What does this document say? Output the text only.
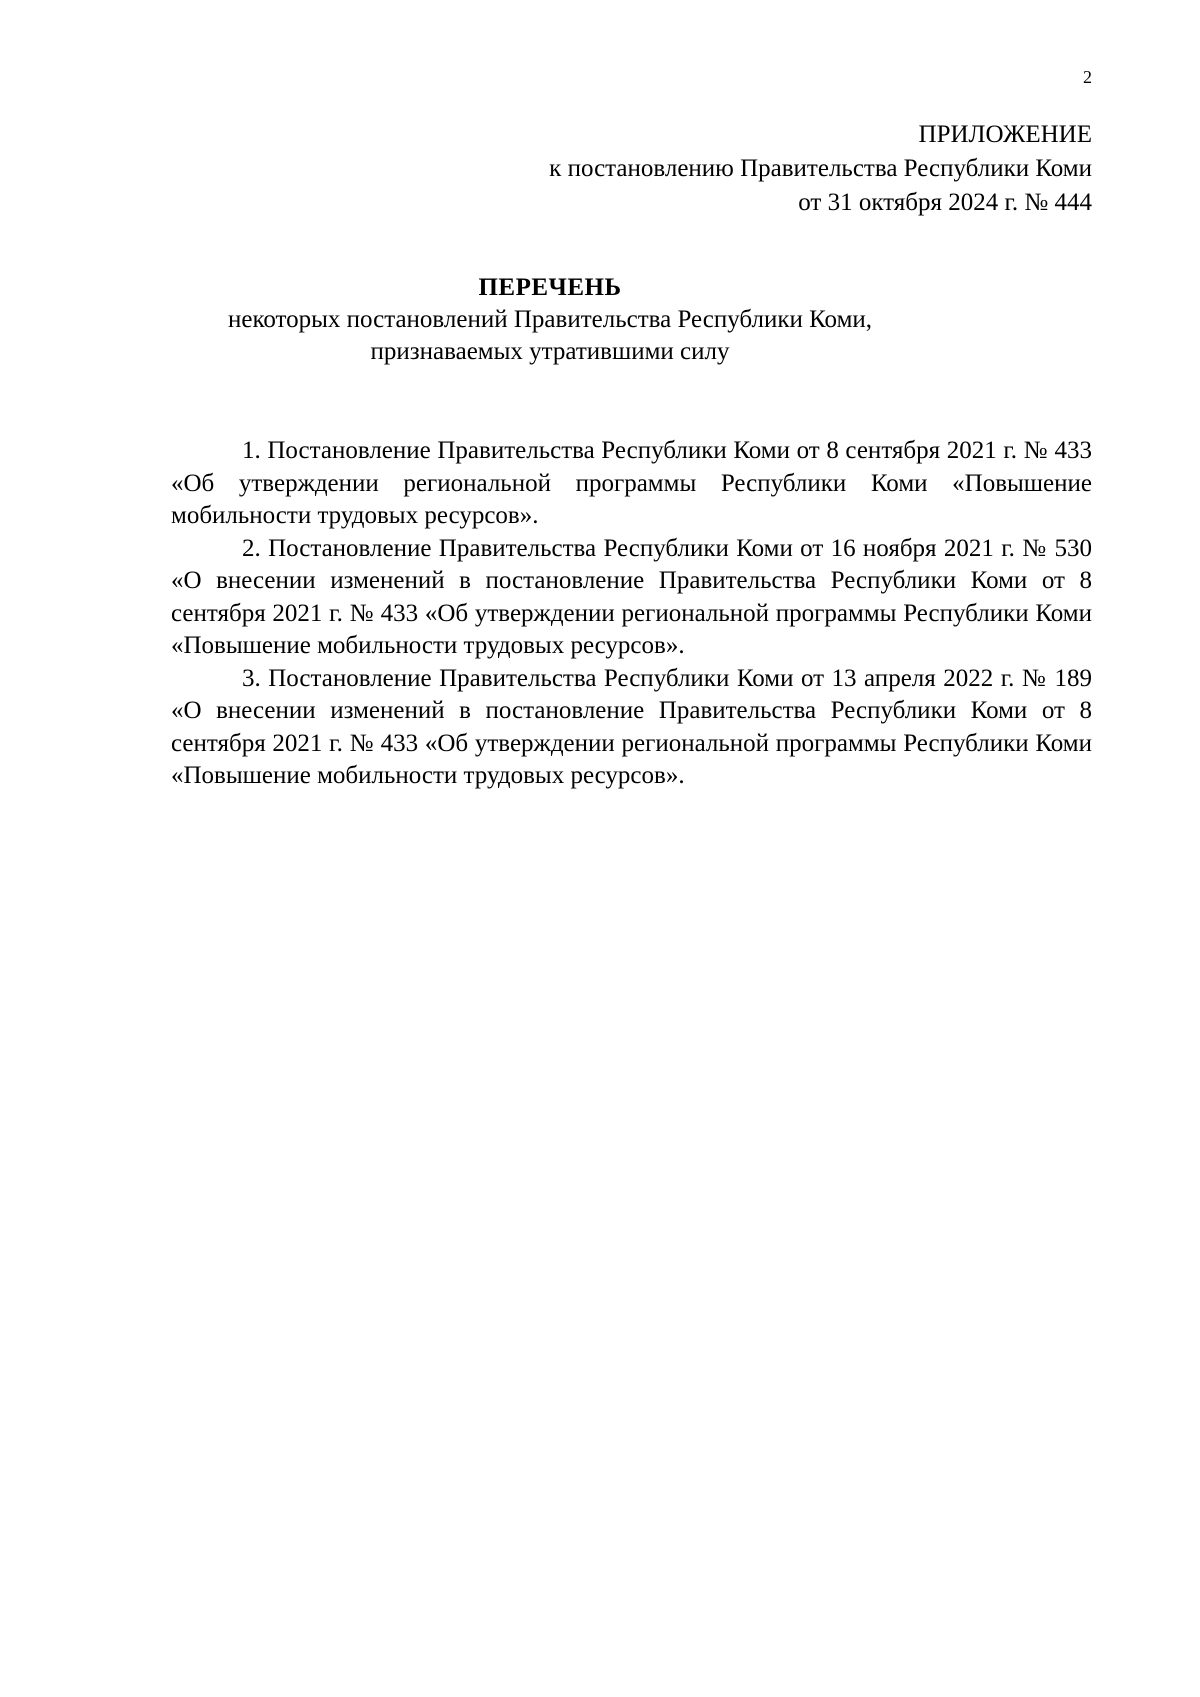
2
ПРИЛОЖЕНИЕ
к постановлению Правительства Республики Коми
от 31 октября 2024 г. № 444
ПЕРЕЧЕНЬ
некоторых постановлений Правительства Республики Коми,
признаваемых утратившими силу

1. Постановление Правительства Республики Коми от 8 сентября 2021 г. № 433 «Об утверждении региональной программы Республики Коми «Повышение мобильности трудовых ресурсов».

2. Постановление Правительства Республики Коми от 16 ноября 2021 г. № 530 «О внесении изменений в постановление Правительства Республики Коми от 8 сентября 2021 г. № 433 «Об утверждении региональной программы Республики Коми «Повышение мобильности трудовых ресурсов».

3. Постановление Правительства Республики Коми от 13 апреля 2022 г. № 189 «О внесении изменений в постановление Правительства Республики Коми от 8 сентября 2021 г. № 433 «Об утверждении региональной программы Республики Коми «Повышение мобильности трудовых ресурсов».
